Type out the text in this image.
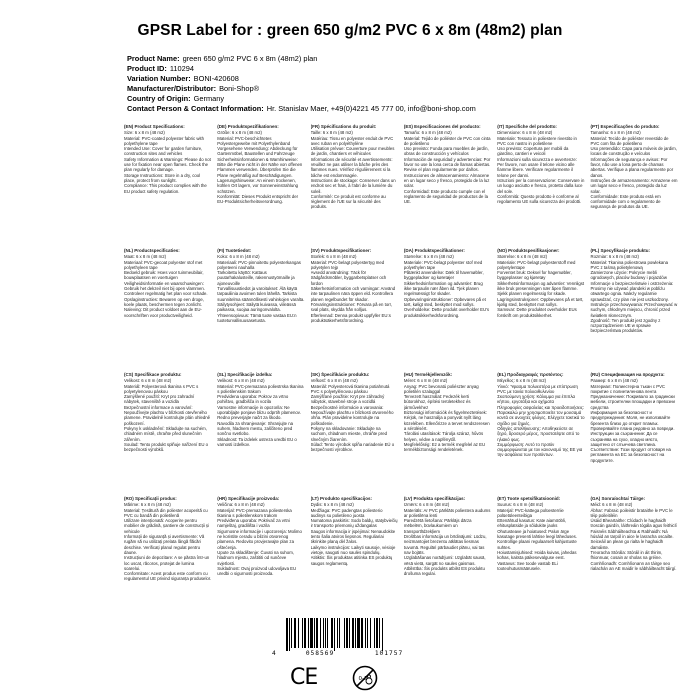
GPSR Label for : green 650 g/m2 PVC 6 x 8m (48m2) plan
Product Name: green 650 g/m2 PVC 6 x 8m (48m2) plan
Product ID: 110294
Variation Number: BONI-420608
Manufacturer/Distributor: Boni-Shop®
Country of Origin: Germany
Contact Person & Contact Information: Hr. Stanislav Maer, +49(0)4221 45 777 00, info@boni-shop.com
(EN) Product Specifications:
Size: 6 x 8 m (48 m2)
Material: PVC-coated polyester fabric with polyethylene tape
Intended Use: Cover for garden furniture, construction sites and vehicles
Safety Information & Warnings: Please do not use for fixation near open flames. Check the plan regularly for damage.
Storage Instructions: Store in a dry, cool place, protect from sunlight.
Compliance: This product complies with the EU product safety regulation.
(DE) Produktspezifikationen:
Größe: 6 x 8 m (48 m2)
Material: PVC-beschichtetes Polyestergewebe mit Polyethylenband
Vorgesehene Verwendung: Abdeckung für Gartenmöbel, Baustellen und Fahrzeuge
Sicherheitsinformationen & Warnhinweise: Bitte die Plane nicht in der Nähe von offenen Flammen verwenden. Überprüfen Sie die Plane regelmäßig auf Beschädigungen.
Lagerungshinweise: An einem trockenen, kühlen Ort lagern, vor Sonneneinstrahlung schützen.
Konformität: Dieses Produkt entspricht der EU-Produktsicherheitsverordnung.
(FR) Spécifications du produit:
Taille: 6 x 8 m (48 m2)
Matériau: Tissu en polyester enduit de PVC avec ruban en polyéthylène
Utilisation prévue: Couverture pour meubles de jardin, chantiers et véhicules
Informations de sécurité et avertissements: Veuillez ne pas utiliser la bâche près des flammes nues. Vérifiez régulièrement si la bâche est endommagée.
Instructions de stockage: Conserver dans un endroit sec et frais, à l'abri de la lumière du soleil.
Conformité: Ce produit est conforme au règlement de l'UE sur la sécurité des produits.
(ES) Especificaciones del producto:
Tamaño: 6 x 8 m (48 m2)
Material: Tejido de poliéster de PVC con cinta de polietileno
Uso previsto: Funda para muebles de jardín, obras de construcción y vehículos
Información de seguridad y advertencias: Por favor no use la lona cerca de llamas abiertas. Revise el plan regularmente por daños.
Instrucciones de almacenamiento: Almacene en un lugar seco y fresco, protegido de la luz solar.
Conformidad: Este producto cumple con el reglamento de seguridad de productos de la UE.
(IT) Specifiche del prodotto:
Dimensione: 6 x 8 m (48 m2)
Materiale: Tessuto in poliestere rivestito in PVC con nastro in polietilene
Uso previsto: Copertura per mobili da giardino, cantieri e veicoli
Informazioni sulla sicurezza e avvertenze: Per favore, non usare il telone vicino alle fiamme libere. Verificare regolarmente il telone per danni.
Istruzioni per la conservazione: Conservare in un luogo asciutto e fresco, protetto dalla luce del sole.
Conformità: Questo prodotto è conforme al regolamento UE sulla sicurezza dei prodotti.
(PT) Especificações do produto:
Tamanho: 6 x 8 m (48 m2)
Material: Tecido de poliéster revestido de PVC com fita de polietileno
Uso pretendido: Capa para móveis de jardim, locais de construção e veículos
Informações de segurança e avisos: Por favor, não use a lona perto de chamas abertas. Verifique a plana regularmente por danos.
Instruções de armazenamento: Armazene em um lugar seco e fresco, protegido da luz solar.
Conformidade: Este produto está em conformidade com o regulamento de segurança de produtos da UE.
(NL) Productspecificaties:
Maat: 6 x 8 m (48 m2)
Materiaal: PVC-gecoat polyester stof met polyethyleen tape
Bedoeld gebruik: Hoes voor tuinmeubilair, bouwplaatsen en voertuigen
Veiligheidsinformatie en waarschuwingen: Gebruik het dekzeil niet bij open vlammen. Controleer regelmatig het plan voor schade.
Opslaginstructies: Bewaren op een droge, koele plaats, beschermen tegen zonlicht.
Naleving: Dit product voldoet aan de EU-voorschriften voor productveiligheid.
(FI) Tuotetiedot:
Koko: 6 x 8 m (48 m2)
Materiaali: PVC-pinnoitettu polyesterkangas polyeteeni nauhalla
Tarkoitettu käyttö: Kattaus puutarhakalusteille, rakennustyömaille ja ajoneuvoille
Turvallisuustiedot ja varoitukset: Älä käytä tarpauliinia avoimen tulen lähellä. Tarkista suunnitelma säännöllisesti vahinkojen varalta.
Säilytysohjeet: Säilytä kuivassa, viileässä paikassa, suojaa auringonvalolta.
Yhteensopivuus: Tämä tuote vastaa EU:n tuoteturvallisuusasetusta.
(SV) Produktspecifikationer:
Storlek: 6 x 8 m (48 m2)
Material: PVC-belagt polyestertyg med polyetylen tejp
Avsedd användning: Täck för trädgårdsmöbler, byggarbetsplatser och fordon
Säkerhetsinformation och varningar: Använd inte tarpaulinen nära öppen eld. Kontrollera planen regelbundet för skador.
Förvaringsinstruktioner: Förvara på en torr, sval plats, skydda från solljus.
Efterlevnad: Denna produkt uppfyller EU:s produktsäkerhetsförordning.
(DA) Produktspecifikationer:
Størrelse: 6 x 8 m (48 m2)
Materiale: PVC-belagt polyester stof med polyethylen tape
Påtænkt anvendelse: Dæk til havemøbler, byggepladser og køretøjer
Sikkerhedsinformation og advarsler: Brug ikke tarpaulin nær åben ild. Tjek planen regelmæssigt for skader.
Opbevaringsinstruktioner: Opbevares på et tørt, køligt sted, beskyttet mod sollys.
Overholdelse: Dette produkt overholder EU's produktsikkerhedsforordning.
(NO) Produktspesifikasjoner:
Størrelse: 6 x 8 m (48 m2)
Materiale: PVC-belagt polyesterstoff med polyetylentape
Forventet bruk: Deksel for hagemøbler, byggeplasser og kjøretøy
Sikkerhetsinformasjon og advarsler: Vennligst ikke bruk presenningen nær åpen flamme. Sjekk planen regelmessig for skade.
Lagringsinstruksjoner: Oppbevares på et tørt, kjølig sted, beskyttet mot sollys.
Samsvar: Dette produktet overholder EUs forskrift om produktsikkerhet.
(PL) Specyfikacje produktu:
Rozmiar: 6 x 8 m (48 m2)
Materiał: Tkanina poliestrowa powlekana PVC z taśmą polietylenową
Zamierzone użycie: Pokrycie mebli ogrodowych, placów budowy i pojazdów
Informacje o bezpieczeństwie i ostrzeżenia: Prosimy nie używać plandeki w pobliżu otwartego ognia. Należy regularnie sprawdzać, czy plan nie jest uszkodzony.
Instrukcje przechowywania: Przechowywać w suchym, chłodnym miejscu, chronić przed światłem słonecznym.
Zgodność: Ten produkt jest zgodny z rozporządzeniem UE w sprawie bezpieczeństwa produktów.
(CS) Specifikace produktu:
Velikost: 6 x 8 m (48 m2)
Materiál: Polyesterová tkanina s PVC s polyetylenovou páskou
Zamýšlené použití: Kryt pro zahradní nábytek, staveniště a vozidla
Bezpečnostní informace a varování: Nepoužívejte plachtu v blízkosti otevřeného plamene. Pravidelně kontrolujte plán ohledně poškození.
Pokyny k uskladnění: Skladujte na suchém, chladném místě, chraňte před slunečním zářením.
Soulad: Tento produkt splňuje nařízení EU o bezpečnosti výrobků.
(SL) Specifikacije izdelka:
Velikost: 6 x 8 m (48 m2)
Material: PVC-premazana poliestrska tkanina s polietilenskim trakom
Predvidena uporaba: Pokrov za vrtno pohištvo, gradbišča in vozila
Varnostne informacije in opozorila: Ne uporabljajte ponjave blizu odprtih plamenov. Redno preverjajte načrt za škodo.
Navodila za shranjevanje: Shranjujte na suhem, hladnem mestu, zaščiteno pred sončno svetlobo.
Skladnost: Ta izdelek ustreza uredbi EU o varnosti izdelkov.
(SK) Špecifikácie produktu:
Veľkosť: 6 x 8 m (48 m2)
Materiál: Polyesterová tkanina potiahnutá PVC s polyetylénovou páskou
Zamýšľané použitie: Kryt pre záhradný nábytok, stavebné stroje a vozidlá
Bezpečnostné informácie a varovania: Nepoužívajte plachtu v blízkosti otvoreného ohňa. Plán pravidelne kontrolujte na poškodenie.
Pokyny na skladovanie: Skladujte na suchom, chladnom mieste, chráňte pred slnečným žiarením.
Súlad: Tento výrobok spĺňa nariadenie EÚ o bezpečnosti výrobkov.
(HU) Termékjellemzők:
Méret: 6 x 8 m (48 m2)
Anyag: PVC bevonatú poliészter anyag polietilén szalaggal
Tervezett használat: Fedezék kerti bútorokhoz, építési területekhez és járművekhez
Biztonsági információk és figyelmeztetések: Kérjük, ne használja a ponyvát nyílt láng közelében. Ellenőrizze a tervet rendszeresen a sérülésért.
Tárolási utasítások: Tárolja száraz, hűvös helyen, védve a napfénytől.
Megfelelőség: Ez a termék megfelel az EU termékbiztonsági rendeletének.
(EL) Προδιαγραφές προϊόντος:
Μέγεθος: 6 x 8 m (48 m2)
Υλικό: Ύφασμα πολυεστέρα με επίστρωση PVC με ταινία πολυαιθυλενίου
Σκοπούμενη χρήση: Κάλυμμα για έπιπλα κήπου, εργοτάξια και οχήματα
Πληροφορίες ασφαλείας και προειδοποιήσεις: Παρακαλώ μην χρησιμοποιείτε τον μουσαμά κοντά σε ανοιχτές φλόγες. Ελέγχετε τακτικά το σχέδιο για ζημιές.
Οδηγίες αποθήκευσης: Αποθηκεύστε σε ξηρό, δροσερό μέρος, προστατέψτε από το ηλιακό φως.
Συμμόρφωση: Αυτό το προϊόν συμμορφώνεται με τον κανονισμό της ΕΕ για την ασφάλεια των προϊόντων.
(RU) Спецификация на продукта:
Размер: 6 x 8 m (48 m2)
Материал: Полиестерна тъкан с PVC покритие с полиетиленова лента
Предназначение: Покривало за градински мебели, строителни площадки и превозни средства
Информация за безопасност и предупреждения: Моля, не използвайте брезента близо до открит пламък. Проверявайте плана редовно за повреди.
Инструкции за съхранение: Да се съхранява на сухо, хладно място, защитено от слънчева светлина.
Съответствие: Този продукт отговаря на регламента на ЕС за безопасност на продуктите.
(RO) Specificații produs:
Mărime: 6 x 8 m (48 m2)
Material: Țesătură din poliester acoperită cu PVC cu bandă din polietilenă
Utilizare intenționată: Acoperire pentru mobilier de grădină, șantiere de construcții și vehicule
Informații de siguranță și avertismente: Vă rugăm să nu utilizați prelata lângă flăcări deschise. Verificați planul regulat pentru daune.
Instrucțiuni de depozitare: A se păstra într-un loc uscat, răcoros, protejat de lumina soarelui.
Conformitate: Acest produs este conform cu regulamentul UE privind siguranța produselor.
(HR) Specifikacije proizvoda:
Veličina: 6 x 8 m (48 m2)
Materijal: PVC-premazana poliesterska tkanina s polietilenskom trakom
Predviđena uporaba: Pokrivač za vrtni namještaj, gradilišta i vozila
Sigurnosne informacije i upozorenja: Molimo ne koristite ceradu u blizini otvorenog plamena. Redovito provjeravajte plan za oštećenja.
Upute za skladištenje: Čuvati na suhom, hladnom mjestu, zaštititi od sunčeve svjetlosti.
Sukladnost: Ovaj proizvod udovoljava EU uredbi o sigurnosti proizvoda.
(LT) Produkto specifikacijos:
Dydis: 6 x 8 m (48 m2)
Medžiaga: PVC padengtas poliesterio audinys su polietileno juosta
Numatoma paskirtis: Sodo baldų, statybviečių ir transporto priemonių uždangalas
Saugos informacija ir įspėjimai: Nenaudokite tento šalia atviros liepsnos. Reguliariai tikrinkite planą dėl žalos.
Laikymo instrukcijos: Laikyti sausoje, vėsioje vietoje, saugoti nuo saulės spindulių.
Atitiktis: Šis produktas atitinka ES produktų saugos reglamentą.
(LV) Produkta specifikācijas:
Izmērs: 6 x 8 m (48 m2)
Materiāls: Ar PVC pārklāts poliestera audums ar polietilēna lenti
Paredzētā lietošana: Pārklājs dārza mēbelēm, būvlaukumiem un transportlīdzekļiem
Drošības informācija un brīdinājumi: Lūdzu, neizmantojiet brezentu atklātas liesmas tuvumā. Regulāri pārbaudiet plānu, vai tas nav bojāts.
Uzglabāšanas norādījumi: Uzglabāt sausā, vēsā vietā, sargāt no saules gaismas.
Atbilstība: Šis produkts atbilst ES produktu drošuma regulai.
(ET) Toote spetsifikatsioonid:
Suurus: 6 x 8 m (48 m2)
Materjal: PVC-kattega polüesterriie polüetüleenteibiga
Ettenähtud kasutus: Kate aiamööbli, ehitusplatside ja sõidukite jaoks
Ohutusteave ja hoiatused: Palun ärge kasutage presenti lahtise leegi läheduses. Kontrollige plaani regulaarselt kahjustuste suhtes.
Hoiustamisjuhised: Hoida kuivas, jahedas kohas, kaitsta päikesevalguse eest.
Vastavus: See toode vastab ELi tooteohutusmäärusele.
(GA) Sonraíochtaí Táirge:
Méid: 6 x 8 m (48 m2)
Ábhar: Fabraic poileistir brataithe le PVC le téip poileitiléin
Úsáid Bheartaithe: Clúdach le haghaidh troscán gairdín, láithreáin tógála agus feithiclí
Faisnéis Sábháilteachta & Rabhaidh: Ná húsáid an tarpól in aice le lasracha oscailte. Seiceáil an plean go rialta le haghaidh damáiste.
Treoracha Stórála: Stóráil in áit thirim, fhionnuar, cosain ar sholas na gréine.
Comhlíonadh: Comhlíonann an táirge seo rialachán an AE maidir le sábháilteacht táirgí.
4	058569	101757
CE	0-3
